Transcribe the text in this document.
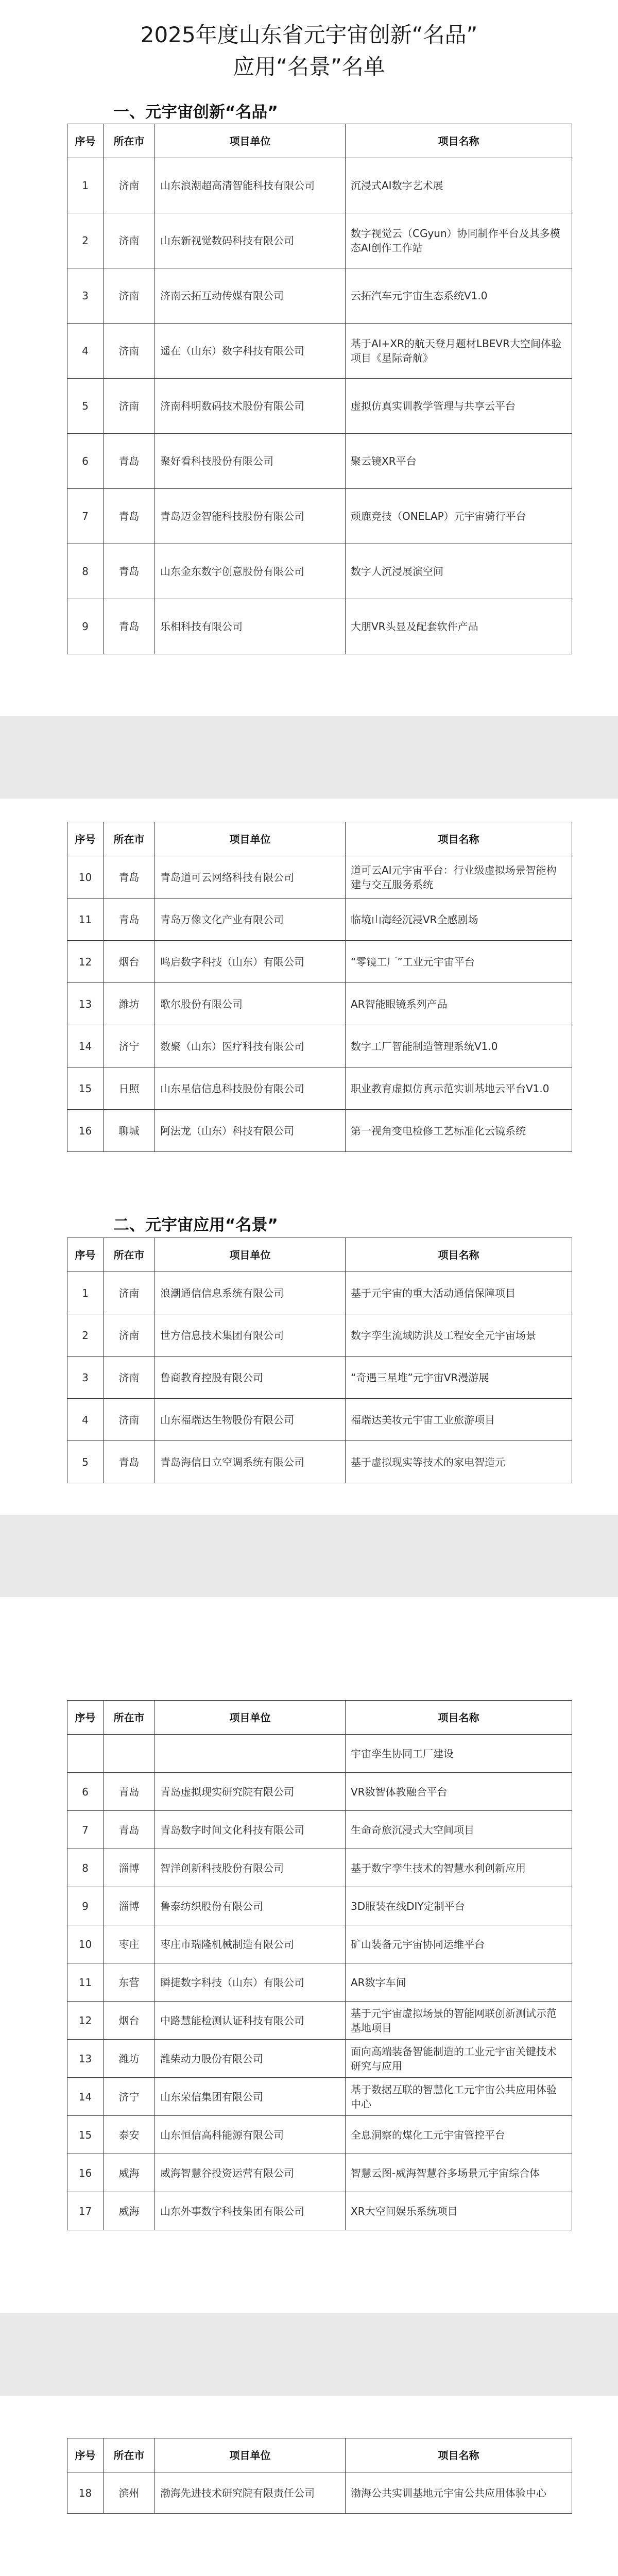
2025年度山东省元宇宙创新“名品”
应用“名景”名单
一、元宇宙创新“名品”
序号	所在市	项目单位	项目名称
1	济南	山东浪潮超高清智能科技有限公司	沉浸式AI数字艺术展
2	济南	山东新视觉数码科技有限公司	数字视觉云（CGyun）协同制作平台及其多模态AI创作工作站
3	济南	济南云拓互动传媒有限公司	云拓汽车元宇宙生态系统V1.0
4	济南	遥在（山东）数字科技有限公司	基于AI+XR的航天登月题材LBEVR大空间体验项目《星际奇航》
5	济南	济南科明数码技术股份有限公司	虚拟仿真实训教学管理与共享云平台
6	青岛	聚好看科技股份有限公司	聚云镜XR平台
7	青岛	青岛迈金智能科技股份有限公司	顽鹿竞技（ONELAP）元宇宙骑行平台
8	青岛	山东金东数字创意股份有限公司	数字人沉浸展演空间
9	青岛	乐相科技有限公司	大朋VR头显及配套软件产品
序号	所在市	项目单位	项目名称
10	青岛	青岛道可云网络科技有限公司	道可云AI元宇宙平台：行业级虚拟场景智能构建与交互服务系统
11	青岛	青岛万像文化产业有限公司	临境山海经沉浸VR全感剧场
12	烟台	鸣启数字科技（山东）有限公司	“零镜工厂”工业元宇宙平台
13	潍坊	歌尔股份有限公司	AR智能眼镜系列产品
14	济宁	数聚（山东）医疗科技有限公司	数字工厂智能制造管理系统V1.0
15	日照	山东星信信息科技股份有限公司	职业教育虚拟仿真示范实训基地云平台V1.0
16	聊城	阿法龙（山东）科技有限公司	第一视角变电检修工艺标准化云镜系统
二、元宇宙应用“名景”
序号	所在市	项目单位	项目名称
1	济南	浪潮通信信息系统有限公司	基于元宇宙的重大活动通信保障项目
2	济南	世方信息技术集团有限公司	数字孪生流域防洪及工程安全元宇宙场景
3	济南	鲁商教育控股有限公司	“奇遇三星堆”元宇宙VR漫游展
4	济南	山东福瑞达生物股份有限公司	福瑞达美妆元宇宙工业旅游项目
5	青岛	青岛海信日立空调系统有限公司	基于虚拟现实等技术的家电智造元
序号	所在市	项目单位	项目名称
			宇宙孪生协同工厂建设
6	青岛	青岛虚拟现实研究院有限公司	VR数智体教融合平台
7	青岛	青岛数字时间文化科技有限公司	生命奇旅沉浸式大空间项目
8	淄博	智洋创新科技股份有限公司	基于数字孪生技术的智慧水利创新应用
9	淄博	鲁泰纺织股份有限公司	3D服装在线DIY定制平台
10	枣庄	枣庄市瑞隆机械制造有限公司	矿山装备元宇宙协同运维平台
11	东营	瞬捷数字科技（山东）有限公司	AR数字车间
12	烟台	中路慧能检测认证科技有限公司	基于元宇宙虚拟场景的智能网联创新测试示范基地项目
13	潍坊	潍柴动力股份有限公司	面向高端装备智能制造的工业元宇宙关键技术研究与应用
14	济宁	山东荣信集团有限公司	基于数据互联的智慧化工元宇宙公共应用体验中心
15	泰安	山东恒信高科能源有限公司	全息洞察的煤化工元宇宙管控平台
16	威海	威海智慧谷投资运营有限公司	智慧云图-威海智慧谷多场景元宇宙综合体
17	威海	山东外事数字科技集团有限公司	XR大空间娱乐系统项目
序号	所在市	项目单位	项目名称
18	滨州	渤海先进技术研究院有限责任公司	渤海公共实训基地元宇宙公共应用体验中心
